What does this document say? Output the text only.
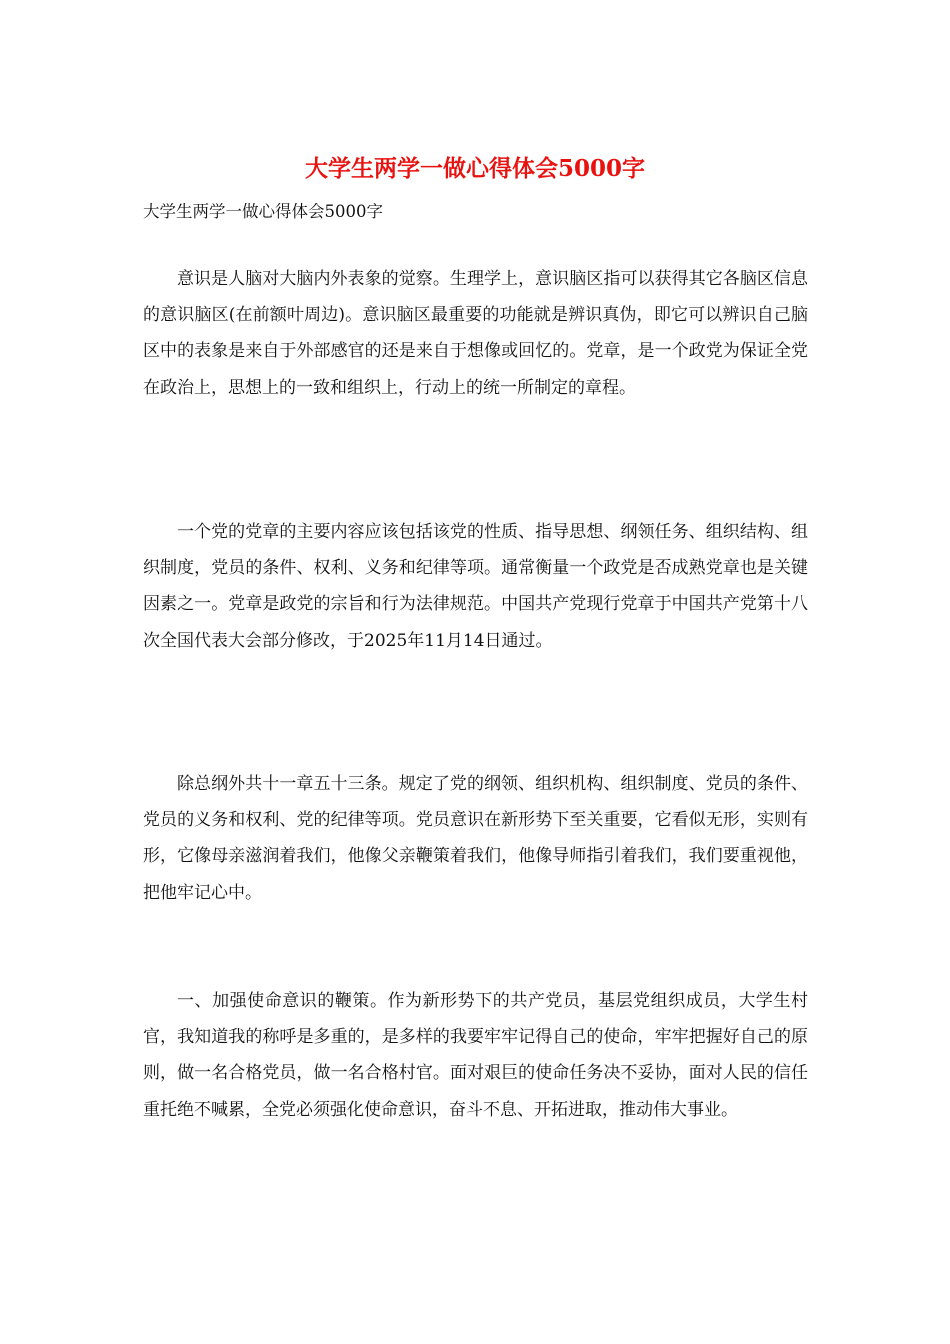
大学生两学一做心得体会5000字

大学生两学一做心得体会5000字

意识是人脑对大脑内外表象的觉察。生理学上，意识脑区指可以获得其它各脑区信息的意识脑区(在前额叶周边)。意识脑区最重要的功能就是辨识真伪，即它可以辨识自己脑区中的表象是来自于外部感官的还是来自于想像或回忆的。党章，是一个政党为保证全党在政治上，思想上的一致和组织上，行动上的统一所制定的章程。

一个党的党章的主要内容应该包括该党的性质、指导思想、纲领任务、组织结构、组织制度，党员的条件、权利、义务和纪律等项。通常衡量一个政党是否成熟党章也是关键因素之一。党章是政党的宗旨和行为法律规范。中国共产党现行党章于中国共产党第十八次全国代表大会部分修改，于2025年11月14日通过。

除总纲外共十一章五十三条。规定了党的纲领、组织机构、组织制度、党员的条件、党员的义务和权利、党的纪律等项。党员意识在新形势下至关重要，它看似无形，实则有形，它像母亲滋润着我们，他像父亲鞭策着我们，他像导师指引着我们，我们要重视他，把他牢记心中。

一、加强使命意识的鞭策。作为新形势下的共产党员，基层党组织成员，大学生村官，我知道我的称呼是多重的，是多样的我要牢牢记得自己的使命，牢牢把握好自己的原则，做一名合格党员，做一名合格村官。面对艰巨的使命任务决不妥协，面对人民的信任重托绝不喊累，全党必须强化使命意识，奋斗不息、开拓进取，推动伟大事业。
